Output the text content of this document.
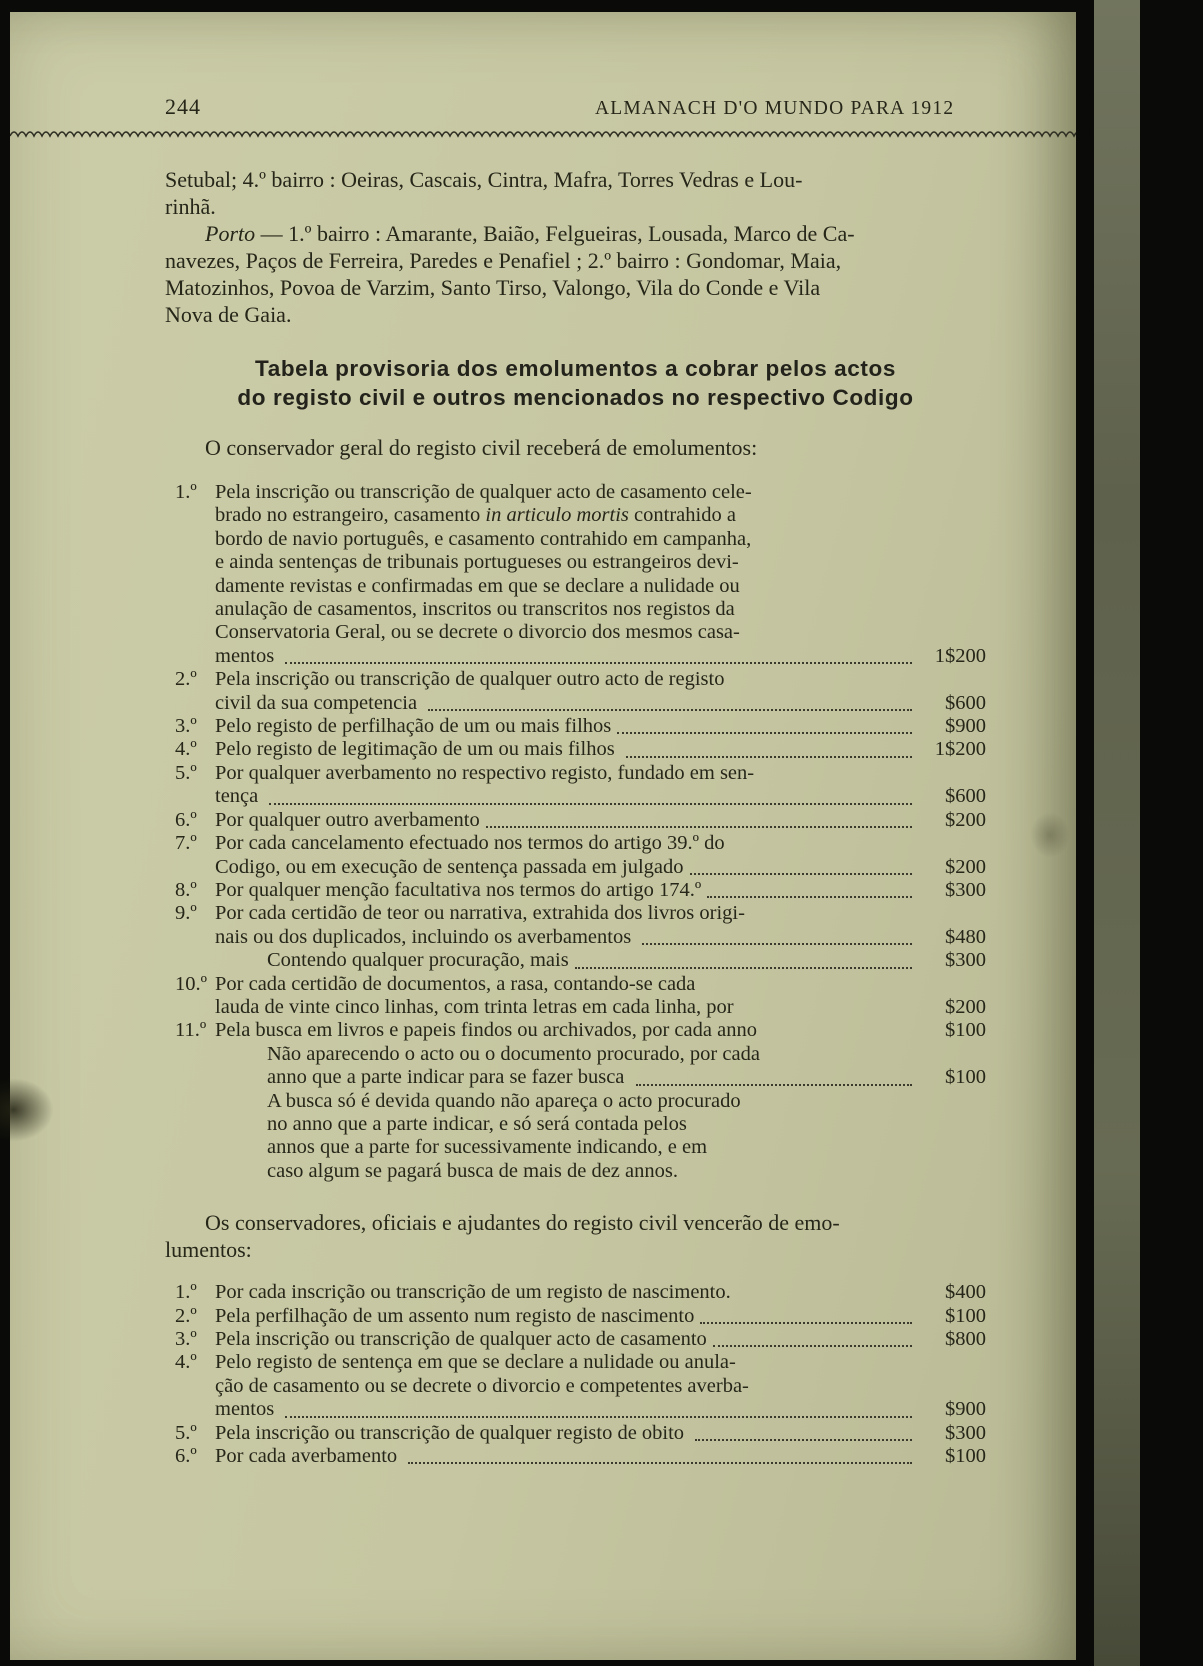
244	ALMANACH D'O MUNDO PARA 1912
Setubal; 4.º bairro : Oeiras, Cascais, Cintra, Mafra, Torres Vedras e Lou-
rinhã.
Porto — 1.º bairro : Amarante, Baião, Felgueiras, Lousada, Marco de Ca-
navezes, Paços de Ferreira, Paredes e Penafiel ; 2.º bairro : Gondomar, Maia,
Matozinhos, Povoa de Varzim, Santo Tirso, Valongo, Vila do Conde e Vila
Nova de Gaia.
Tabela provisoria dos emolumentos a cobrar pelos actos
do registo civil e outros mencionados no respectivo Codigo
O conservador geral do registo civil receberá de emolumentos:
1.º Pela inscrição ou transcrição de qualquer acto de casamento cele-
brado no estrangeiro, casamento in articulo mortis contrahido a
bordo de navio português, e casamento contrahido em campanha,
e ainda sentenças de tribunais portugueses ou estrangeiros devi-
damente revistas e confirmadas em que se declare a nulidade ou
anulação de casamentos, inscritos ou transcritos nos registos da
Conservatoria Geral, ou se decrete o divorcio dos mesmos casa-
mentos	1$200
2.º Pela inscrição ou transcrição de qualquer outro acto de registo
civil da sua competencia	$600
3.º Pelo registo de perfilhação de um ou mais filhos	$900
4.º Pelo registo de legitimação de um ou mais filhos	1$200
5.º Por qualquer averbamento no respectivo registo, fundado em sen-
tença	$600
6.º Por qualquer outro averbamento	$200
7.º Por cada cancelamento efectuado nos termos do artigo 39.º do
Codigo, ou em execução de sentença passada em julgado	$200
8.º Por qualquer menção facultativa nos termos do artigo 174.º	$300
9.º Por cada certidão de teor ou narrativa, extrahida dos livros origi-
nais ou dos duplicados, incluindo os averbamentos	$480
Contendo qualquer procuração, mais	$300
10.º Por cada certidão de documentos, a rasa, contando-se cada
lauda de vinte cinco linhas, com trinta letras em cada linha, por	$200
11.º Pela busca em livros e papeis findos ou archivados, por cada anno	$100
Não aparecendo o acto ou o documento procurado, por cada
anno que a parte indicar para se fazer busca	$100
A busca só é devida quando não apareça o acto procurado
no anno que a parte indicar, e só será contada pelos
annos que a parte for sucessivamente indicando, e em
caso algum se pagará busca de mais de dez annos.
Os conservadores, oficiais e ajudantes do registo civil vencerão de emo-
lumentos:
1.º Por cada inscrição ou transcrição de um registo de nascimento.	$400
2.º Pela perfilhação de um assento num registo de nascimento	$100
3.º Pela inscrição ou transcrição de qualquer acto de casamento	$800
4.º Pelo registo de sentença em que se declare a nulidade ou anula-
ção de casamento ou se decrete o divorcio e competentes averba-
mentos	$900
5.º Pela inscrição ou transcrição de qualquer registo de obito	$300
6.º Por cada averbamento	$100
